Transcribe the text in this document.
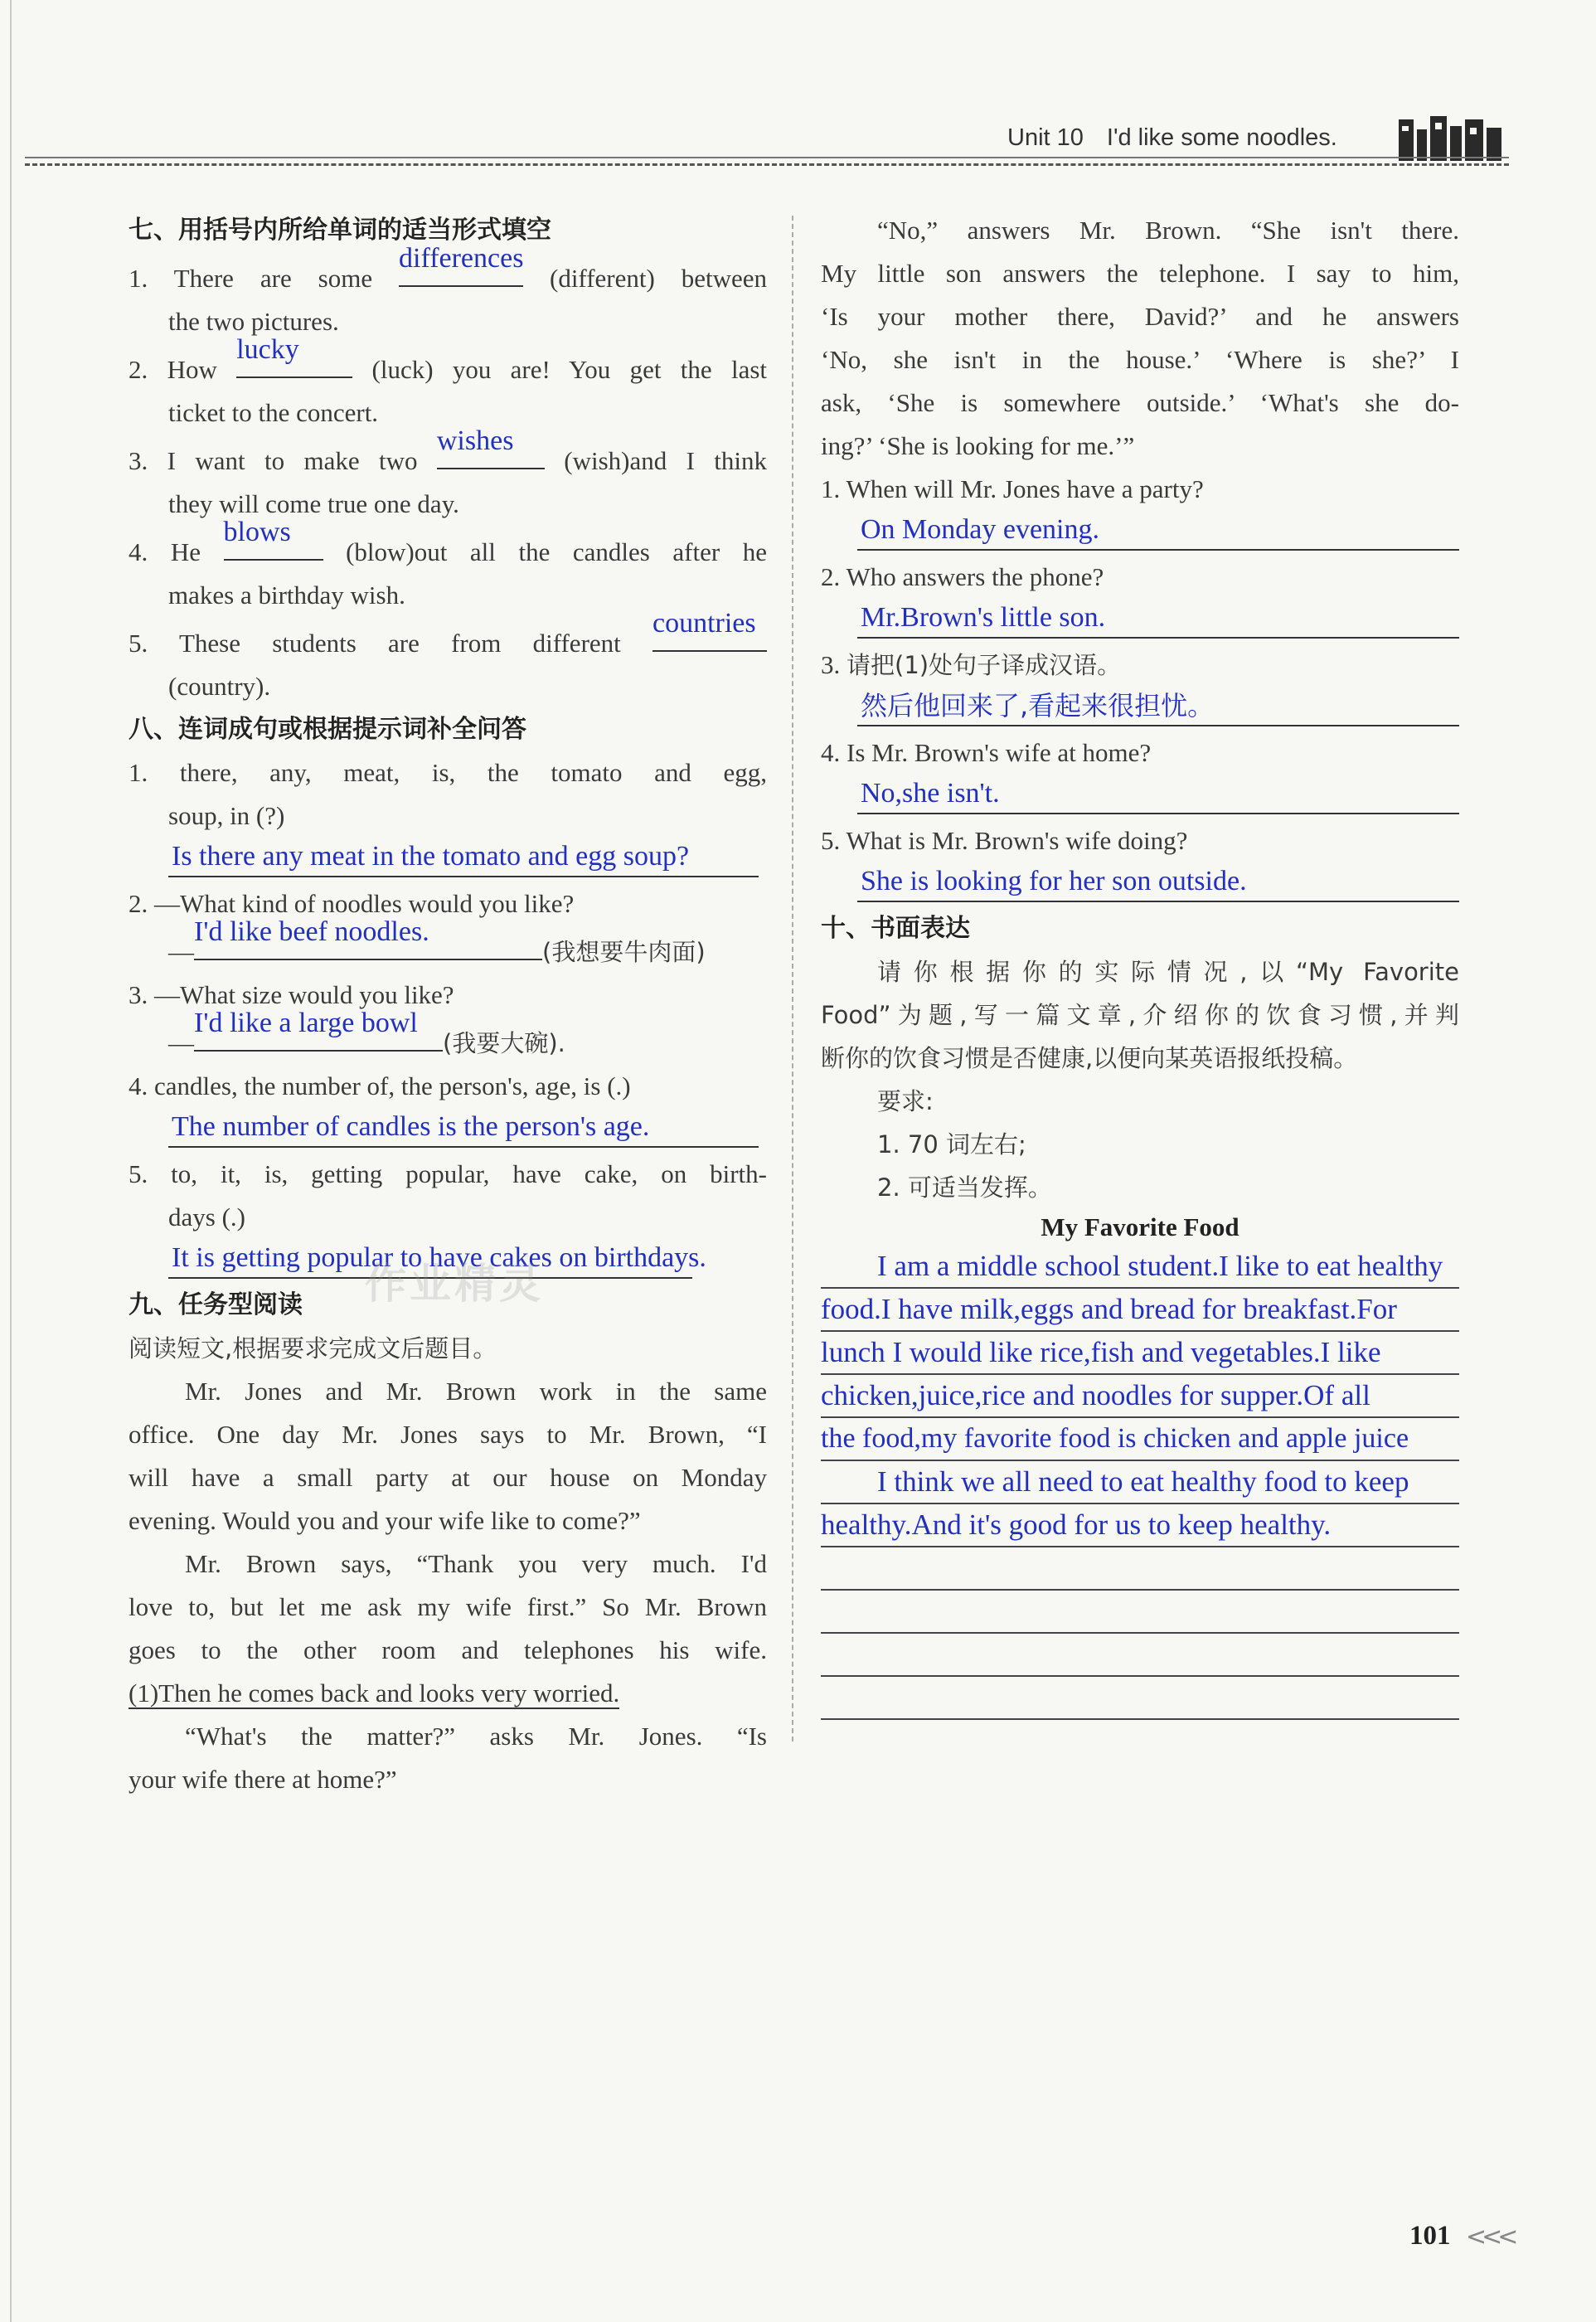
Unit 10 I'd like some noodles.
七、用括号内所给单词的适当形式填空
1. There are some
differences
(different) between
the two pictures.
2. How
lucky
(luck) you are! You get the last
ticket to the concert.
3. I want to make two
wishes
(wish)and I think
they will come true one day.
4. He
blows
(blow)out all the candles after he
makes a birthday wish.
5. These students are from different
countries
(country).
八、连词成句或根据提示词补全问答
1. there, any, meat, is, the tomato and egg,
soup, in (?)
Is there any meat in the tomato and egg soup?
2. —What kind of noodles would you like?
—
I'd like beef noodles.
(我想要牛肉面)
3. —What size would you like?
—
I'd like a large bowl
(我要大碗).
4. candles, the number of, the person's, age, is (.)
The number of candles is the person's age.
5. to, it, is, getting popular, have cake, on birth-
days (.)
It is getting popular to have cakes on birthdays.
九、任务型阅读
阅读短文,根据要求完成文后题目。
Mr. Jones and Mr. Brown work in the same
office. One day Mr. Jones says to Mr. Brown, “I
will have a small party at our house on Monday
evening. Would you and your wife like to come?”
Mr. Brown says, “Thank you very much. I'd
love to, but let me ask my wife first.” So Mr. Brown
goes to the other room and telephones his wife.
(1)Then he comes back and looks very worried.
“What's the matter?” asks Mr. Jones. “Is
your wife there at home?”
作业精灵
“No,” answers Mr. Brown. “She isn't there.
My little son answers the telephone. I say to him,
‘Is your mother there, David?’ and he answers
‘No, she isn't in the house.’ ‘Where is she?’ I
ask, ‘She is somewhere outside.’ ‘What's she do-
ing?’ ‘She is looking for me.’”
1. When will Mr. Jones have a party?
On Monday evening.
2. Who answers the phone?
Mr.Brown's little son.
3. 请把(1)处句子译成汉语。
然后他回来了,看起来很担忧。
4. Is Mr. Brown's wife at home?
No,she isn't.
5. What is Mr. Brown's wife doing?
She is looking for her son outside.
十、书面表达
请你根据你的实际情况,以“My Favorite
Food”为题,写一篇文章,介绍你的饮食习惯,并判
断你的饮食习惯是否健康,以便向某英语报纸投稿。
要求:
1. 70 词左右;
2. 可适当发挥。
My Favorite Food
I am a middle school student.I like to eat healthy
food.I have milk,eggs and bread for breakfast.For
lunch I would like rice,fish and vegetables.I like
chicken,juice,rice and noodles for supper.Of all
the food,my favorite food is chicken and apple juice
I think we all need to eat healthy food to keep
healthy.And it's good for us to keep healthy.
101 <<<
